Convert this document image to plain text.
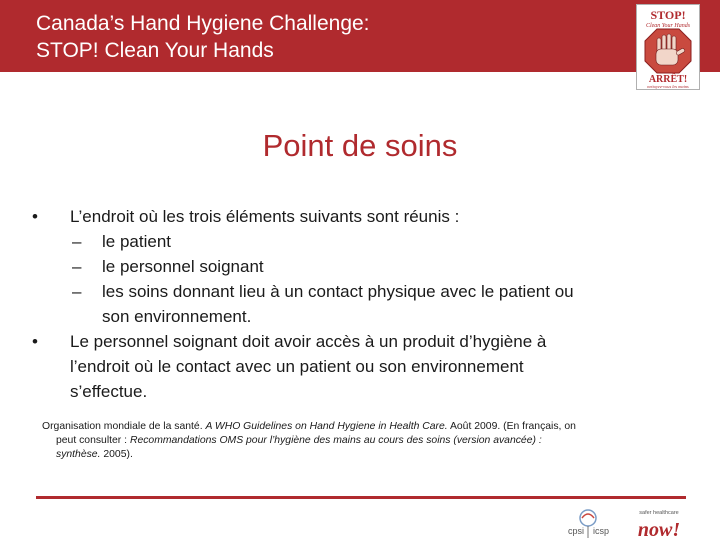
Canada’s Hand Hygiene Challenge:
STOP! Clean Your Hands
STOP!
Clean Your Hands
ARRÊT!
nettoyez-vous les mains
Point de soins
• L’endroit où les trois éléments suivants sont réunis :
– le patient
– le personnel soignant
– les soins donnant lieu à un contact physique avec le patient ou
son environnement.
• Le personnel soignant doit avoir accès à un produit d’hygiène à
l’endroit où le contact avec un patient ou son environnement
s’effectue.
Organisation mondiale de la santé. A WHO Guidelines on Hand Hygiene in Health Care. Août 2009. (En français, on
peut consulter : Recommandations OMS pour l’hygiène des mains au cours des soins (version avancée) :
synthèse. 2005).
cpsi icsp
safer healthcare
now!
